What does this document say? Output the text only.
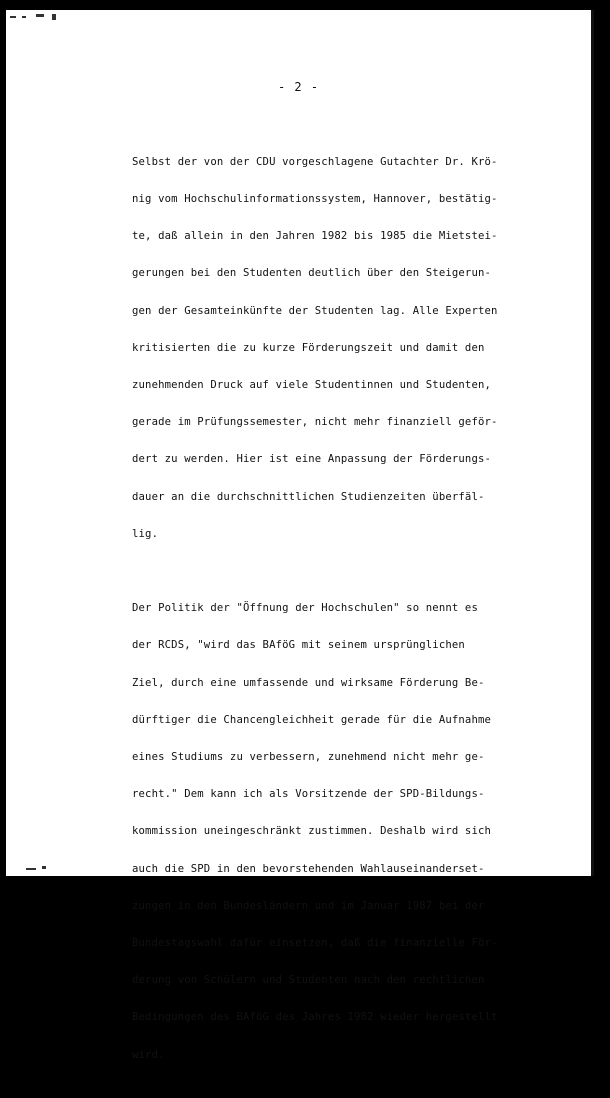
- 2 -

Selbst der von der CDU vorgeschlagene Gutachter Dr. Krö-

nig vom Hochschulinformationssystem, Hannover, bestätig-

te, daß allein in den Jahren 1982 bis 1985 die Mietstei-

gerungen bei den Studenten deutlich über den Steigerun-

gen der Gesamteinkünfte der Studenten lag. Alle Experten

kritisierten die zu kurze Förderungszeit und damit den

zunehmenden Druck auf viele Studentinnen und Studenten,

gerade im Prüfungssemester, nicht mehr finanziell geför-

dert zu werden. Hier ist eine Anpassung der Förderungs-

dauer an die durchschnittlichen Studienzeiten überfäl-

lig.

Der Politik der "Öffnung der Hochschulen" so nennt es

der RCDS, "wird das BAföG mit seinem ursprünglichen

Ziel, durch eine umfassende und wirksame Förderung Be-

dürftiger die Chancengleichheit gerade für die Aufnahme

eines Studiums zu verbessern, zunehmend nicht mehr ge-

recht." Dem kann ich als Vorsitzende der SPD-Bildungs-

kommission uneingeschränkt zustimmen. Deshalb wird sich

auch die SPD in den bevorstehenden Wahlauseinanderset-

zungen in den Bundesländern und im Januar 1987 bei der

Bundestagswahl dafür einsetzen, daß die finanzielle För-

derung von Schülern und Studenten nach den rechtlichen

Bedingungen des BAföG des Jahres 1982 wieder hergestellt

wird.
